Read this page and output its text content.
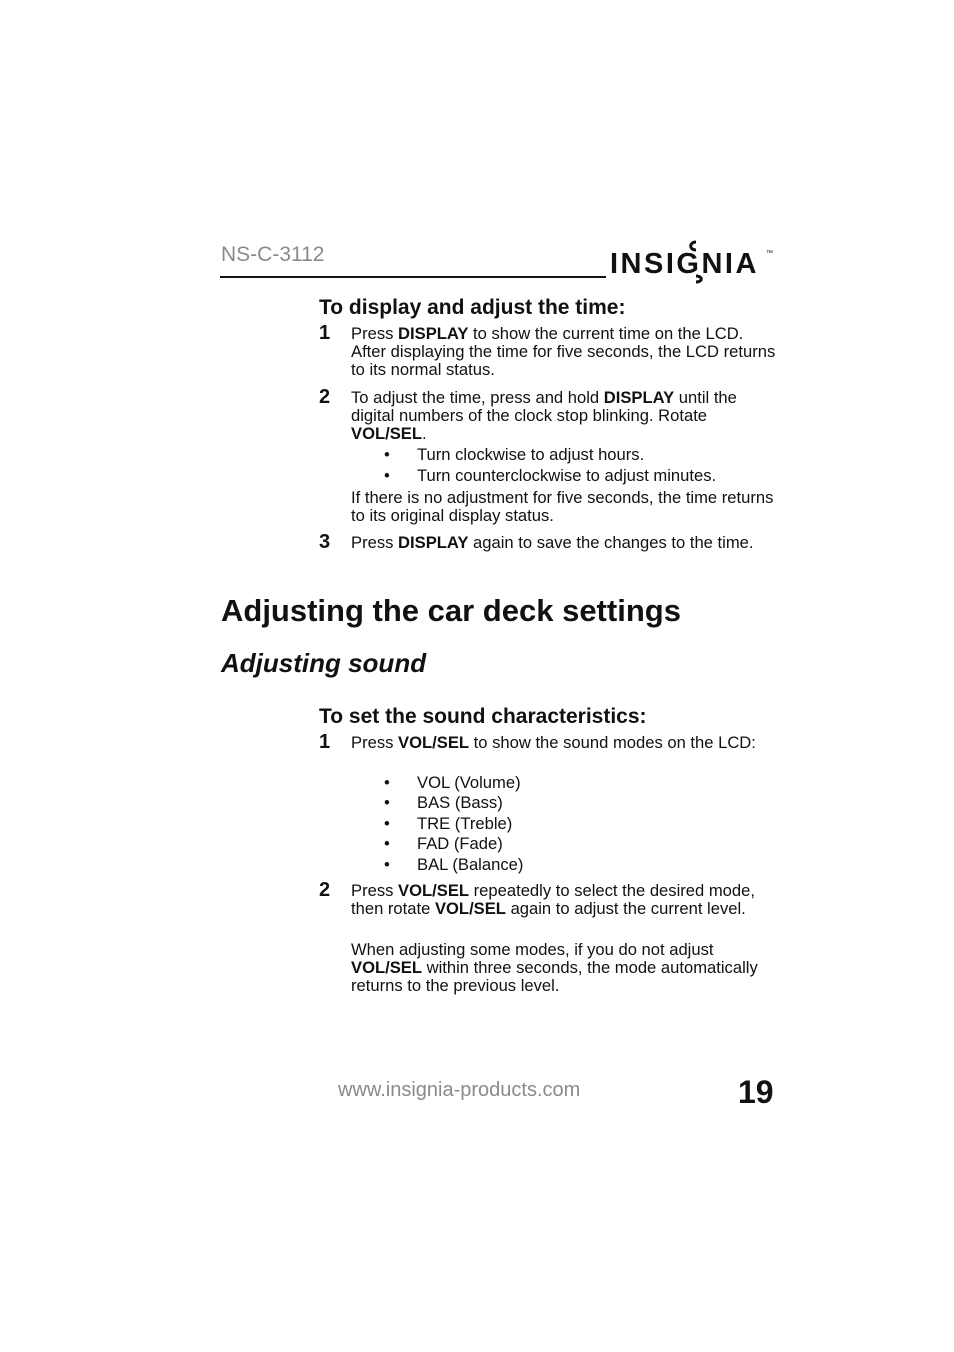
NS-C-3112	INSIGNIA ™
To display and adjust the time:
1 Press DISPLAY to show the current time on the LCD. After displaying the time for five seconds, the LCD returns to its normal status.
2 To adjust the time, press and hold DISPLAY until the digital numbers of the clock stop blinking. Rotate VOL/SEL.
• Turn clockwise to adjust hours.
• Turn counterclockwise to adjust minutes.
If there is no adjustment for five seconds, the time returns to its original display status.
3 Press DISPLAY again to save the changes to the time.
Adjusting the car deck settings
Adjusting sound
To set the sound characteristics:
1 Press VOL/SEL to show the sound modes on the LCD:
• VOL (Volume)
• BAS (Bass)
• TRE (Treble)
• FAD (Fade)
• BAL (Balance)
2 Press VOL/SEL repeatedly to select the desired mode, then rotate VOL/SEL again to adjust the current level.
When adjusting some modes, if you do not adjust VOL/SEL within three seconds, the mode automatically returns to the previous level.
www.insignia-products.com	19
